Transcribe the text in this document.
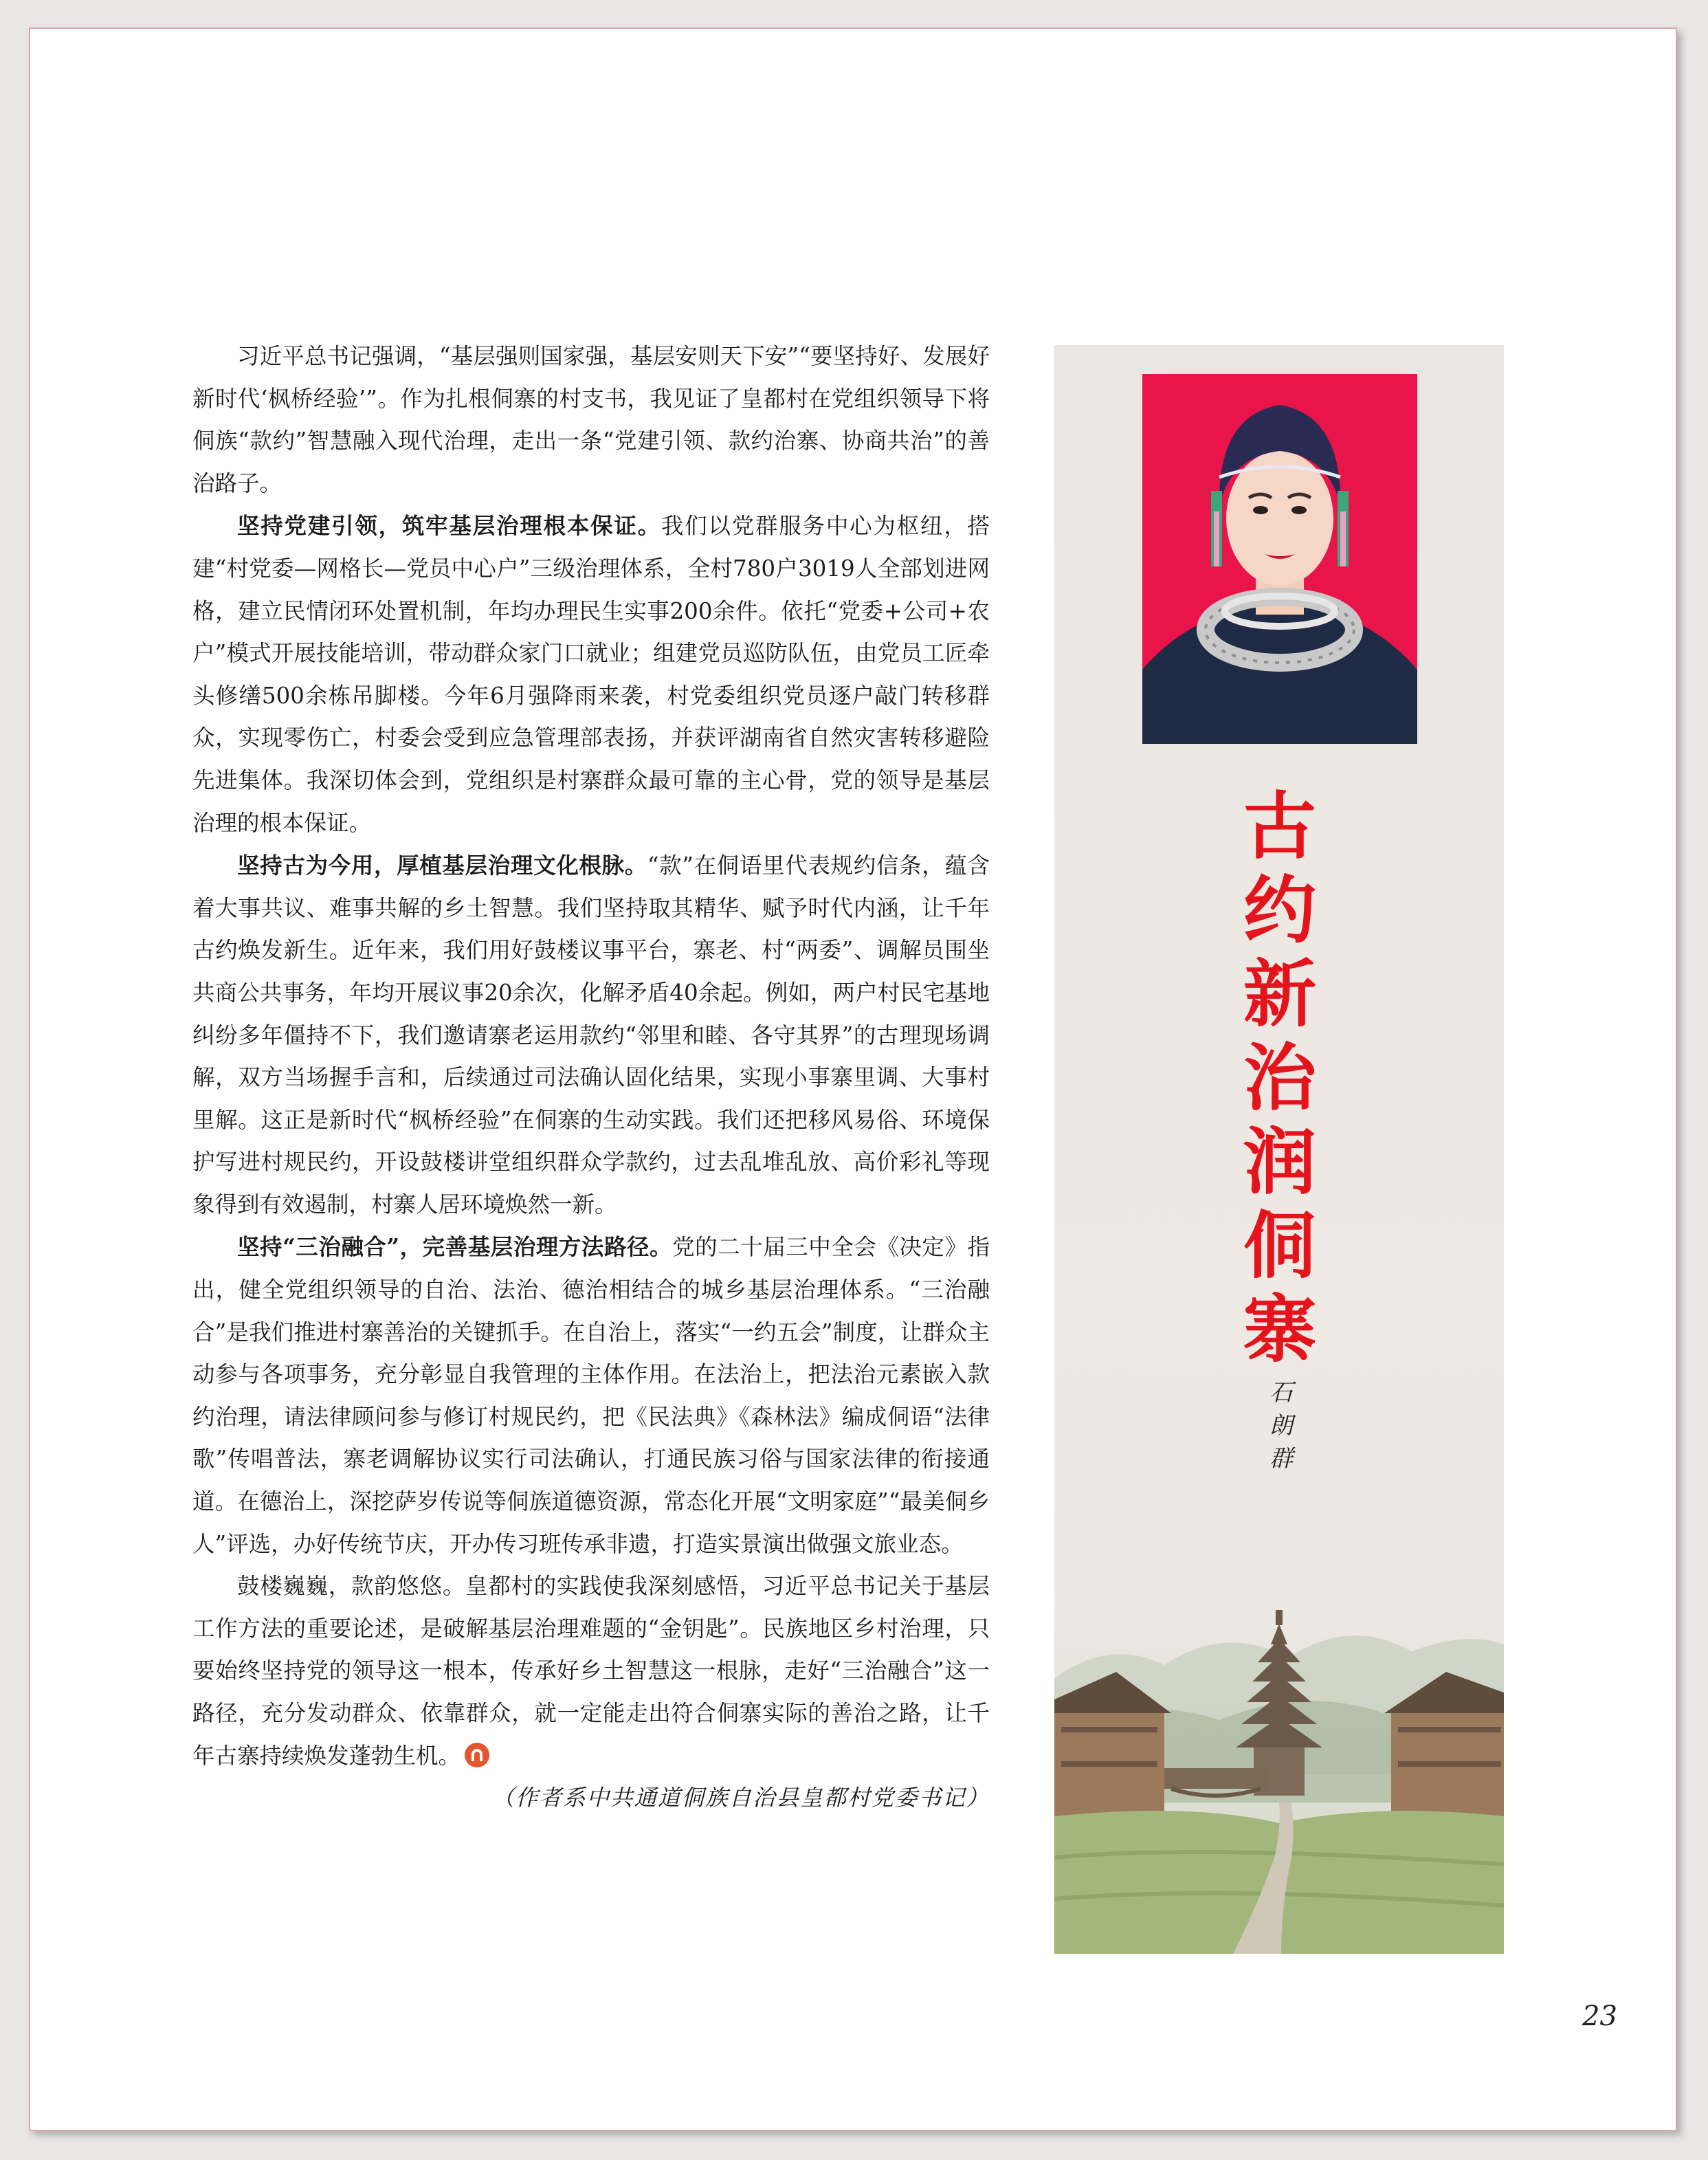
习近平总书记强调，“基层强则国家强，基层安则天下安”“要坚持好、发展好新时代‘枫桥经验’”。作为扎根侗寨的村支书，我见证了皇都村在党组织领导下将侗族“款约”智慧融入现代治理，走出一条“党建引领、款约治寨、协商共治”的善治路子。

坚持党建引领，筑牢基层治理根本保证。我们以党群服务中心为枢纽，搭建“村党委—网格长—党员中心户”三级治理体系，全村780户3019人全部划进网格，建立民情闭环处置机制，年均办理民生实事200余件。依托“党委+公司+农户”模式开展技能培训，带动群众家门口就业；组建党员巡防队伍，由党员工匠牵头修缮500余栋吊脚楼。今年6月强降雨来袭，村党委组织党员逐户敲门转移群众，实现零伤亡，村委会受到应急管理部表扬，并获评湖南省自然灾害转移避险先进集体。我深切体会到，党组织是村寨群众最可靠的主心骨，党的领导是基层治理的根本保证。

坚持古为今用，厚植基层治理文化根脉。“款”在侗语里代表规约信条，蕴含着大事共议、难事共解的乡土智慧。我们坚持取其精华、赋予时代内涵，让千年古约焕发新生。近年来，我们用好鼓楼议事平台，寨老、村“两委”、调解员围坐共商公共事务，年均开展议事20余次，化解矛盾40余起。例如，两户村民宅基地纠纷多年僵持不下，我们邀请寨老运用款约“邻里和睦、各守其界”的古理现场调解，双方当场握手言和，后续通过司法确认固化结果，实现小事寨里调、大事村里解。这正是新时代“枫桥经验”在侗寨的生动实践。我们还把移风易俗、环境保护写进村规民约，开设鼓楼讲堂组织群众学款约，过去乱堆乱放、高价彩礼等现象得到有效遏制，村寨人居环境焕然一新。

坚持“三治融合”，完善基层治理方法路径。党的二十届三中全会《决定》指出，健全党组织领导的自治、法治、德治相结合的城乡基层治理体系。“三治融合”是我们推进村寨善治的关键抓手。在自治上，落实“一约五会”制度，让群众主动参与各项事务，充分彰显自我管理的主体作用。在法治上，把法治元素嵌入款约治理，请法律顾问参与修订村规民约，把《民法典》《森林法》编成侗语“法律歌”传唱普法，寨老调解协议实行司法确认，打通民族习俗与国家法律的衔接通道。在德治上，深挖萨岁传说等侗族道德资源，常态化开展“文明家庭”“最美侗乡人”评选，办好传统节庆，开办传习班传承非遗，打造实景演出做强文旅业态。

鼓楼巍巍，款韵悠悠。皇都村的实践使我深刻感悟，习近平总书记关于基层工作方法的重要论述，是破解基层治理难题的“金钥匙”。民族地区乡村治理，只要始终坚持党的领导这一根本，传承好乡土智慧这一根脉，走好“三治融合”这一路径，充分发动群众、依靠群众，就一定能走出符合侗寨实际的善治之路，让千年古寨持续焕发蓬勃生机。
（作者系中共通道侗族自治县皇都村党委书记）

古
约
新
治
润
侗
寨
石
朗
群
23
